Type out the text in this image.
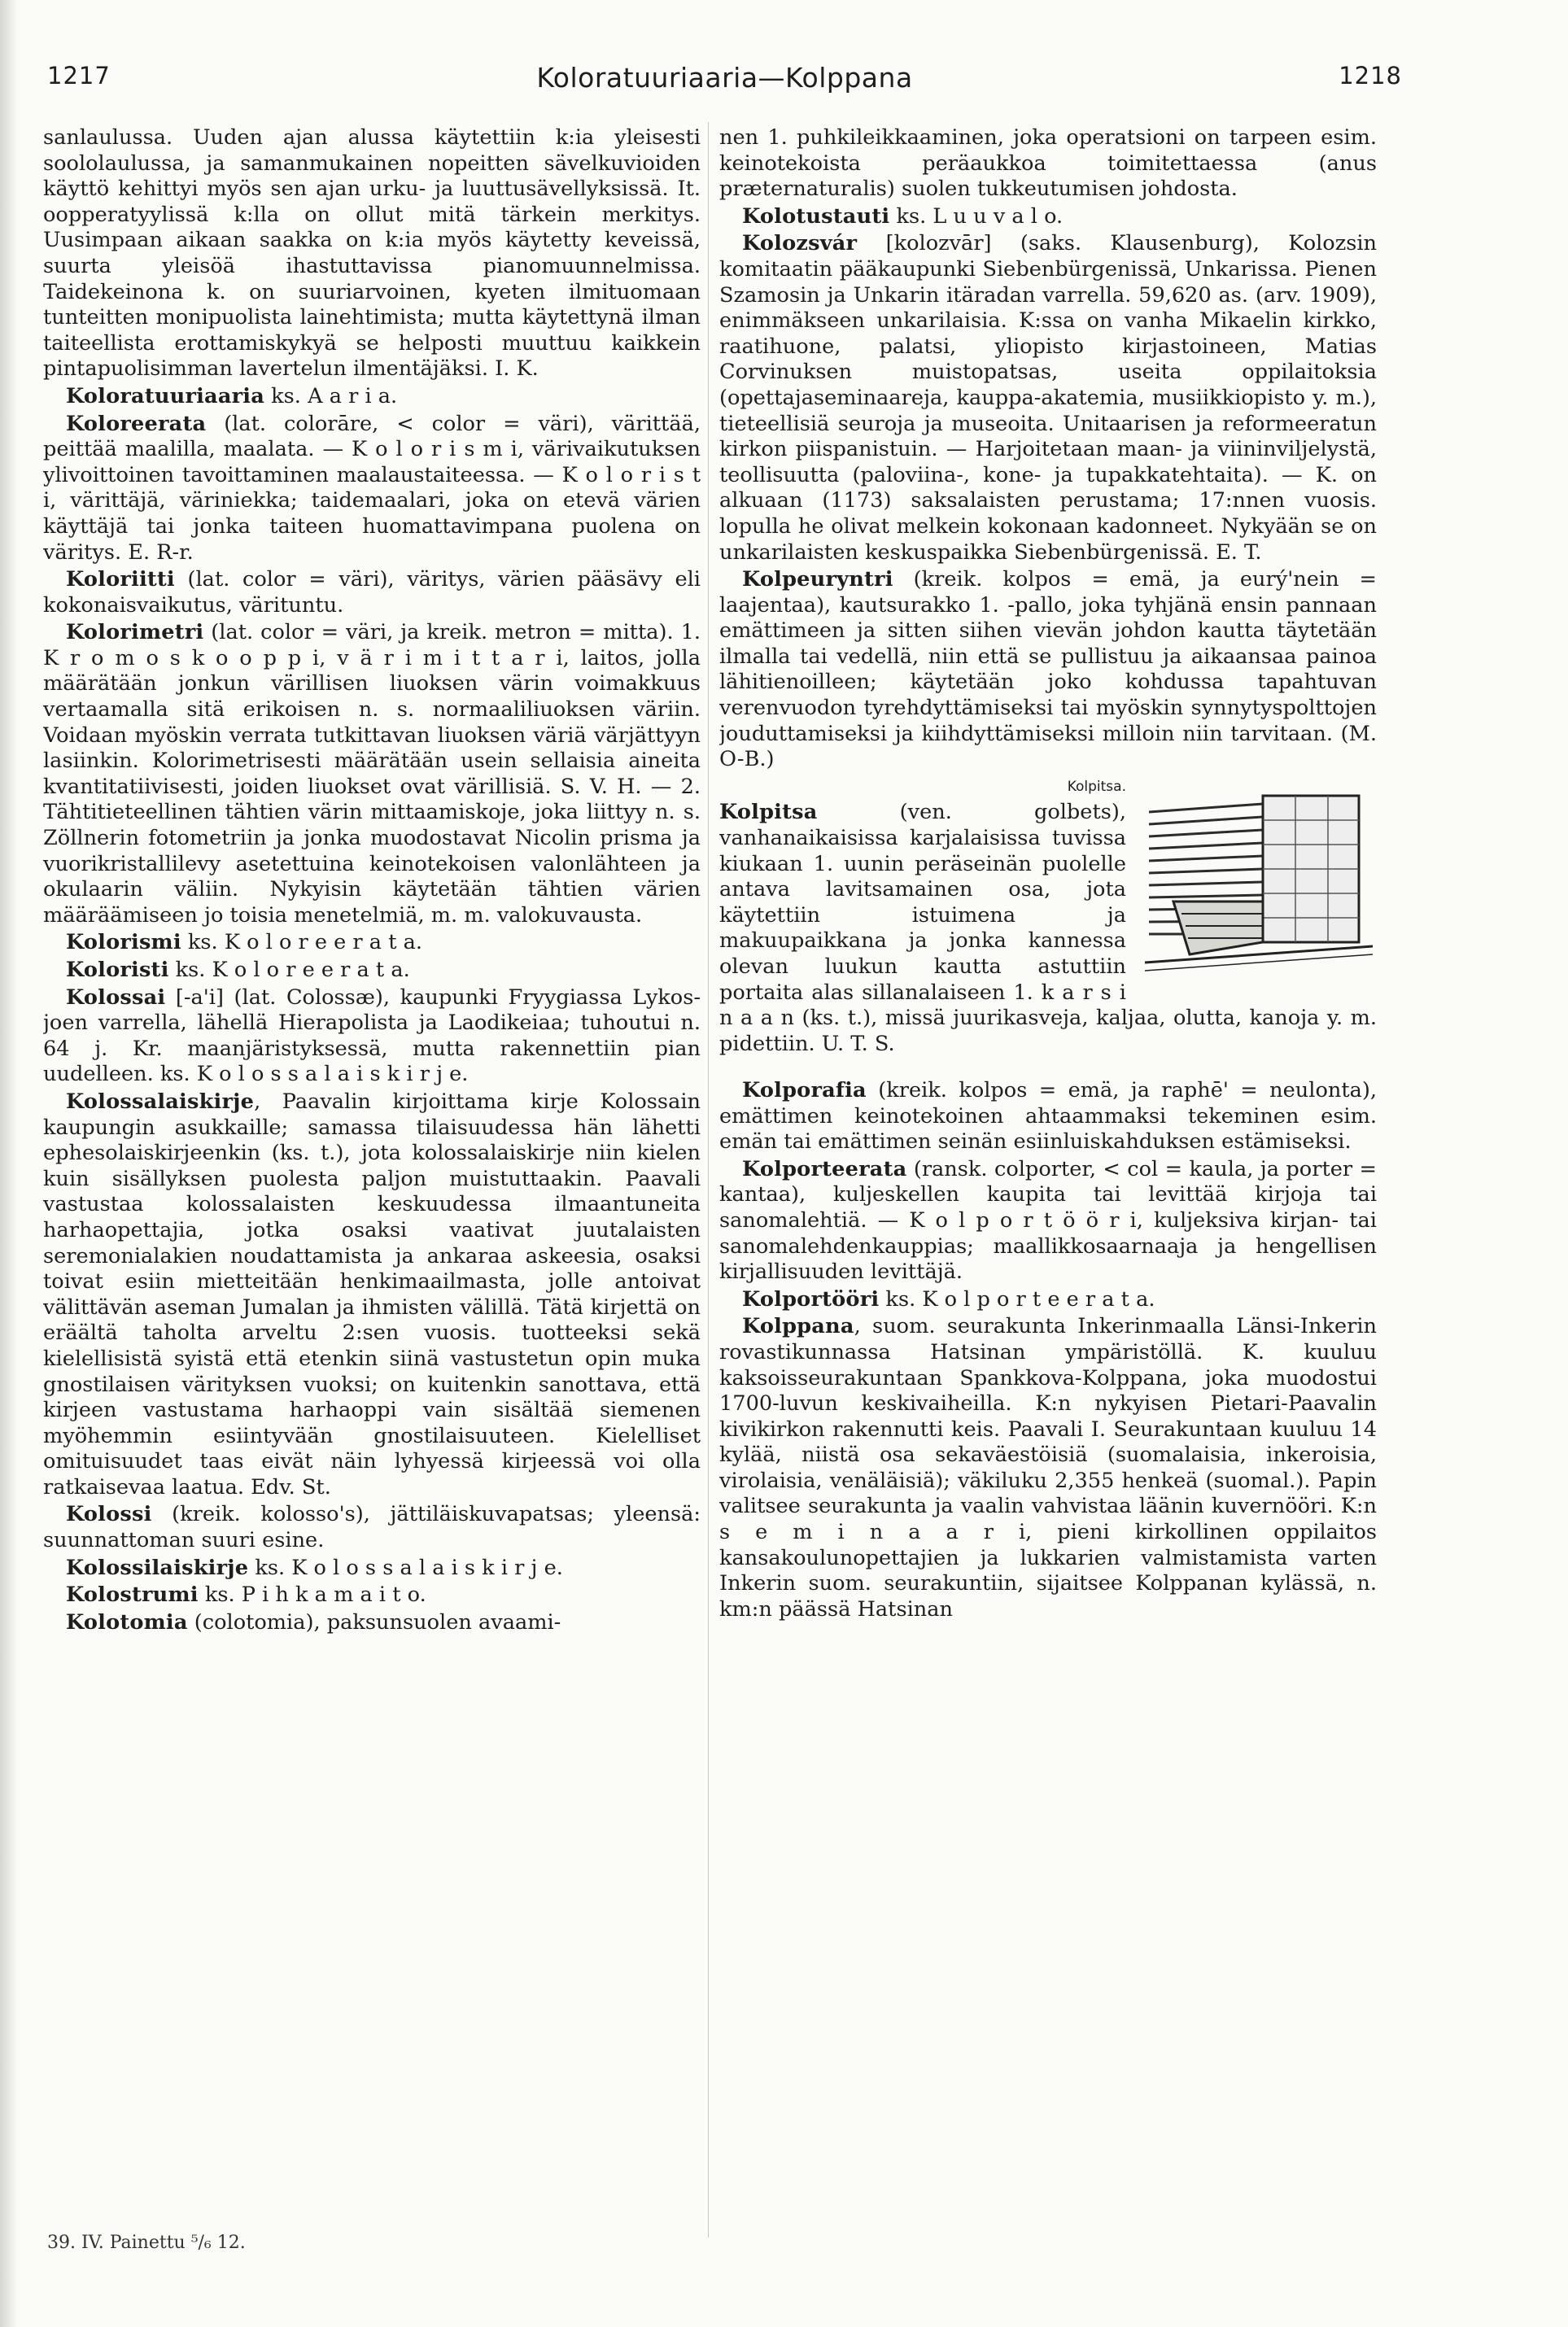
1217	Koloratuuriaaria—Kolppana	1218

sanlaulussa. Uuden ajan alussa käytettiin k:ia yleisesti soololaulussa, ja samanmukainen nopeitten sävelkuvioiden käyttö kehittyi myös sen ajan urku- ja luuttusävellyksissä. It. oopperatyylissä k:lla on ollut mitä tärkein merkitys. Uusimpaan aikaan saakka on k:ia myös käytetty keveissä, suurta yleisöä ihastuttavissa pianomuunnelmissa. Taidekeinona k. on suuriarvoinen, kyeten ilmituomaan tunteitten monipuolista lainehtimista; mutta käytettynä ilman taiteellista erottamiskykyä se helposti muuttuu kaikkein pintapuolisimman lavertelun ilmentäjäksi. I. K.

Koloratuuriaaria ks. A a r i a.

Koloreerata (lat. colorāre, < color = väri), värittää, peittää maalilla, maalata. — K o l o r i s m i, värivaikutuksen ylivoittoinen tavoittaminen maalaustaiteessa. — K o l o r i s t i, värittäjä, väriniekka; taidemaalari, joka on etevä värien käyttäjä tai jonka taiteen huomattavimpana puolena on väritys. E. R-r.

Koloriitti (lat. color = väri), väritys, värien pääsävy eli kokonaisvaikutus, värituntu.

Kolorimetri (lat. color = väri, ja kreik. metron = mitta). 1. K r o m o s k o o p p i, v ä r i m i t t a r i, laitos, jolla määrätään jonkun värillisen liuoksen värin voimakkuus vertaamalla sitä erikoisen n. s. normaaliliuoksen väriin. Voidaan myöskin verrata tutkittavan liuoksen väriä värjättyyn lasiinkin. Kolorimetrisesti määrätään usein sellaisia aineita kvantitatiivisesti, joiden liuokset ovat värillisiä. S. V. H. — 2. Tähtitieteellinen tähtien värin mittaamiskoje, joka liittyy n. s. Zöllnerin fotometriin ja jonka muodostavat Nicolin prisma ja vuorikristallilevy asetettuina keinotekoisen valonlähteen ja okulaarin väliin. Nykyisin käytetään tähtien värien määräämiseen jo toisia menetelmiä, m. m. valokuvausta.

Kolorismi ks. K o l o r e e r a t a.

Koloristi ks. K o l o r e e r a t a.

Kolossai [-a'i] (lat. Colossæ), kaupunki Fryygiassa Lykos-joen varrella, lähellä Hierapolista ja Laodikeiaa; tuhoutui n. 64 j. Kr. maanjäristyksessä, mutta rakennettiin pian uudelleen. ks. K o l o s s a l a i s k i r j e.

Kolossalaiskirje, Paavalin kirjoittama kirje Kolossain kaupungin asukkaille; samassa tilaisuudessa hän lähetti ephesolaiskirjeenkin (ks. t.), jota kolossalaiskirje niin kielen kuin sisällyksen puolesta paljon muistuttaakin. Paavali vastustaa kolossalaisten keskuudessa ilmaantuneita harhaopettajia, jotka osaksi vaativat juutalaisten seremonialakien noudattamista ja ankaraa askeesia, osaksi toivat esiin mietteitään henkimaailmasta, jolle antoivat välittävän aseman Jumalan ja ihmisten välillä. Tätä kirjettä on eräältä taholta arveltu 2:sen vuosis. tuotteeksi sekä kielellisistä syistä että etenkin siinä vastustetun opin muka gnostilaisen värityksen vuoksi; on kuitenkin sanottava, että kirjeen vastustama harhaoppi vain sisältää siemenen myöhemmin esiintyvään gnostilaisuuteen. Kielelliset omituisuudet taas eivät näin lyhyessä kirjeessä voi olla ratkaisevaa laatua. Edv. St.

Kolossi (kreik. kolosso's), jättiläiskuvapatsas; yleensä: suunnattoman suuri esine.

Kolossilaiskirje ks. K o l o s s a l a i s k i r j e.

Kolostrumi ks. P i h k a m a i t o.

Kolotomia (colotomia), paksunsuolen avaami-

nen 1. puhkileikkaaminen, joka operatsioni on tarpeen esim. keinotekoista peräaukkoa toimitettaessa (anus præternaturalis) suolen tukkeutumisen johdosta.

Kolotustauti ks. L u u v a l o.

Kolozsvár [kolozvār] (saks. Klausenburg), Kolozsin komitaatin pääkaupunki Siebenbürgenissä, Unkarissa. Pienen Szamosin ja Unkarin itäradan varrella. 59,620 as. (arv. 1909), enimmäkseen unkarilaisia. K:ssa on vanha Mikaelin kirkko, raatihuone, palatsi, yliopisto kirjastoineen, Matias Corvinuksen muistopatsas, useita oppilaitoksia (opettajaseminaareja, kauppa-akatemia, musiikkiopisto y. m.), tieteellisiä seuroja ja museoita. Unitaarisen ja reformeeratun kirkon piispanistuin. — Harjoitetaan maan- ja viininviljelystä, teollisuutta (paloviina-, kone- ja tupakkatehtaita). — K. on alkuaan (1173) saksalaisten perustama; 17:nnen vuosis. lopulla he olivat melkein kokonaan kadonneet. Nykyään se on unkarilaisten keskuspaikka Siebenbürgenissä. E. T.

Kolpeuryntri (kreik. kolpos = emä, ja eurý'nein = laajentaa), kautsurakko 1. -pallo, joka tyhjänä ensin pannaan emättimeen ja sitten siihen vievän johdon kautta täytetään ilmalla tai vedellä, niin että se pullistuu ja aikaansaa painoa lähitienoilleen; käytetään joko kohdussa tapahtuvan verenvuodon tyrehdyttämiseksi tai myöskin synnytyspolttojen jouduttamiseksi ja kiihdyttämiseksi milloin niin tarvitaan. (M. O-B.)

Kolpitsa.
Kolpitsa (ven. golbets), vanhanaikaisissa karjalaisissa tuvissa kiukaan 1. uunin peräseinän puolelle antava lavitsamainen osa, jota käytettiin istuimena ja makuupaikkana ja jonka kannessa olevan luukun kautta astuttiin portaita alas sillanalaiseen 1. k a r s i n a a n (ks. t.), missä juurikasveja, kaljaa, olutta, kanoja y. m. pidettiin. U. T. S.

Kolporafia (kreik. kolpos = emä, ja raphē' = neulonta), emättimen keinotekoinen ahtaammaksi tekeminen esim. emän tai emättimen seinän esiinluiskahduksen estämiseksi.

Kolporteerata (ransk. colporter, < col = kaula, ja porter = kantaa), kuljeskellen kaupita tai levittää kirjoja tai sanomalehtiä. — K o l p o r t ö ö r i, kuljeksiva kirjan- tai sanomalehdenkauppias; maallikkosaarnaaja ja hengellisen kirjallisuuden levittäjä.

Kolportööri ks. K o l p o r t e e r a t a.

Kolppana, suom. seurakunta Inkerinmaalla Länsi-Inkerin rovastikunnassa Hatsinan ympäristöllä. K. kuuluu kaksoisseurakuntaan Spankkova-Kolppana, joka muodostui 1700-luvun keskivaiheilla. K:n nykyisen Pietari-Paavalin kivikirkon rakennutti keis. Paavali I. Seurakuntaan kuuluu 14 kylää, niistä osa sekaväestöisiä (suomalaisia, inkeroisia, virolaisia, venäläisiä); väkiluku 2,355 henkeä (suomal.). Papin valitsee seurakunta ja vaalin vahvistaa läänin kuvernööri. K:n s e m i n a a r i, pieni kirkollinen oppilaitos kansakoulunopettajien ja lukkarien valmistamista varten Inkerin suom. seurakuntiin, sijaitsee Kolppanan kylässä, n. km:n päässä Hatsinan

39. IV. Painettu ⁵/₆ 12.
